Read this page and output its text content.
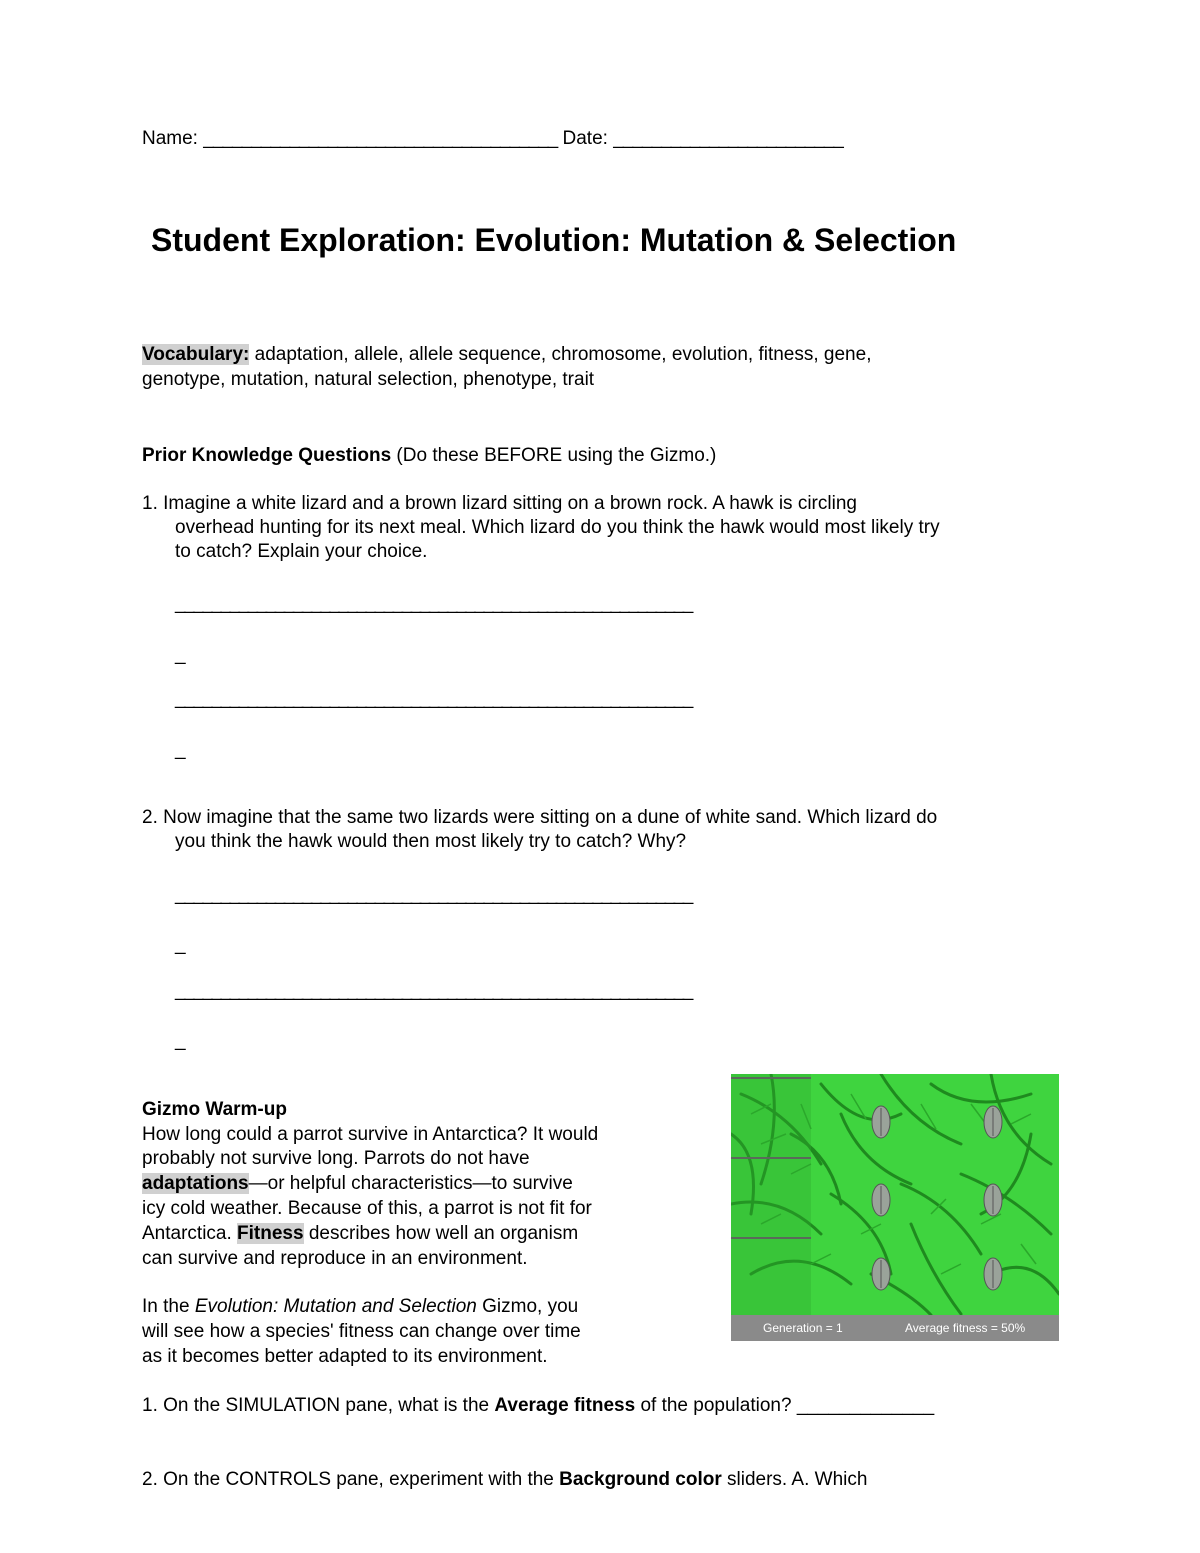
Name: _____________________________________ Date: ________________________
Student Exploration: Evolution: Mutation & Selection
Vocabulary: adaptation, allele, allele sequence, chromosome, evolution, fitness, gene,
genotype, mutation, natural selection, phenotype, trait
Prior Knowledge Questions (Do these BEFORE using the Gizmo.)
1. Imagine a white lizard and a brown lizard sitting on a brown rock. A hawk is circling
overhead hunting for its next meal. Which lizard do you think the hawk would most likely try
to catch? Explain your choice.
_________________________________________________________
_
_________________________________________________________
_
2. Now imagine that the same two lizards were sitting on a dune of white sand. Which lizard do
you think the hawk would then most likely try to catch? Why?
_________________________________________________________
_
_________________________________________________________
_
Gizmo Warm-up
How long could a parrot survive in Antarctica? It would
probably not survive long. Parrots do not have
adaptations—or helpful characteristics—to survive
icy cold weather. Because of this, a parrot is not fit for
Antarctica. Fitness describes how well an organism
can survive and reproduce in an environment.
In the Evolution: Mutation and Selection Gizmo, you
will see how a species' fitness can change over time
as it becomes better adapted to its environment.
1. On the SIMULATION pane, what is the Average fitness of the population? _____________
2. On the CONTROLS pane, experiment with the Background color sliders. A. Which
Generation = 1	Average fitness = 50%
